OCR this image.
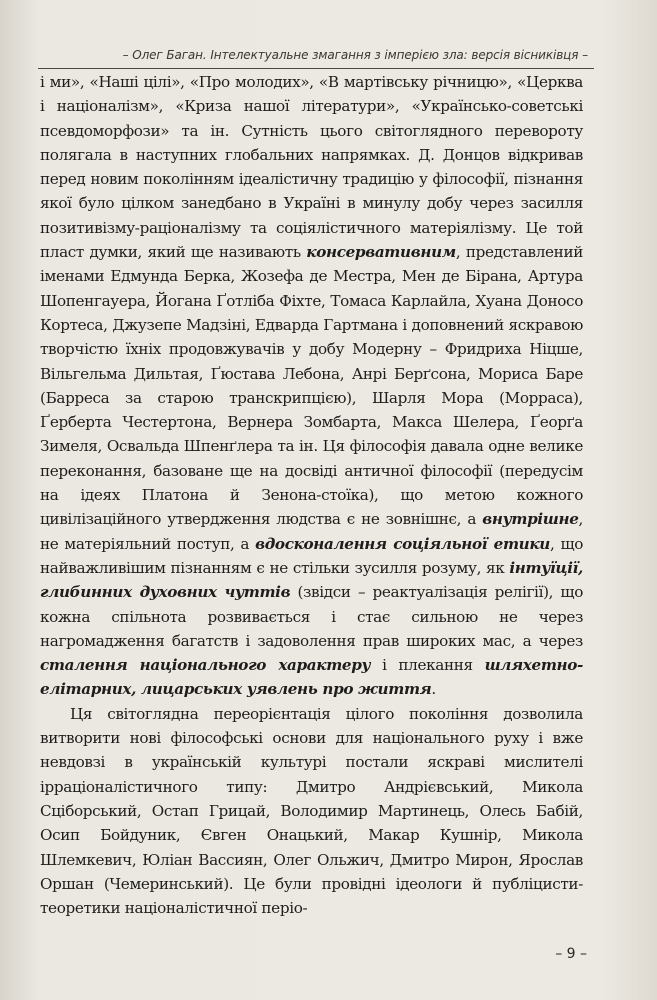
– Олег Баган. Інтелектуальне змагання з імперією зла: версія вісниківця –

і ми», «Наші цілі», «Про молодих», «В мартівську річницю», «Церква і націоналізм», «Криза нашої літератури», «Українсько-советські псевдоморфози» та ін. Сутність цього світоглядного перевороту полягала в наступних глобальних напрямках. Д. Донцов відкривав перед новим поколінням ідеалістичну традицію у філософії, пізнання якої було цілком занедбано в Україні в минулу добу через засилля позитивізму-раціоналізму та соціялістичного матеріялізму. Це той пласт думки, який ще називають консервативним, представлений іменами Едмунда Берка, Жозефа де Местра, Мен де Бірана, Артура Шопенгауера, Йогана Ґотліба Фіхте, Томаса Карлайла, Хуана Доносо Кортеса, Джузепе Мадзіні, Едварда Гартмана і доповнений яскравою творчістю їхніх продовжувачів у добу Модерну – Фридриха Ніцше, Вільгельма Дильтая, Ґюстава Лебона, Анрі Берґсона, Мориса Баре (Барреса за старою транскрипцією), Шарля Мора (Морраса), Ґерберта Честертона, Вернера Зомбарта, Макса Шелера, Ґеорґа Зимеля, Освальда Шпенґлера та ін. Ця філософія давала одне велике переконання, базоване ще на досвіді античної філософії (передусім на ідеях Платона й Зенона-стоїка), що метою кожного цивілізаційного утвердження людства є не зовнішнє, а внутрішне, не матеріяльний поступ, а вдосконалення соціяльної етики, що найважливішим пізнанням є не стільки зусилля розуму, як інтуїції, глибинних духовних чуттів (звідси – реактуалізація релігії), що кожна спільнота розвивається і стає сильною не через нагромадження багатств і задоволення прав широких мас, а через сталення національного характеру і плекання шляхетно-елітарних, лицарських уявлень про життя.

Ця світоглядна переорієнтація цілого покоління дозволила витворити нові філософські основи для національного руху і вже невдовзі в українській культурі постали яскраві мислителі ірраціоналістичного типу: Дмитро Андрієвський, Микола Сціборський, Остап Грицай, Володимир Мартинець, Олесь Бабій, Осип Бойдуник, Євген Онацький, Макар Кушнір, Микола Шлемкевич, Юліан Вассиян, Олег Ольжич, Дмитро Мирон, Ярослав Оршан (Чемеринський). Це були провідні ідеологи й публіцисти-теоретики націоналістичної періо-

– 9 –
